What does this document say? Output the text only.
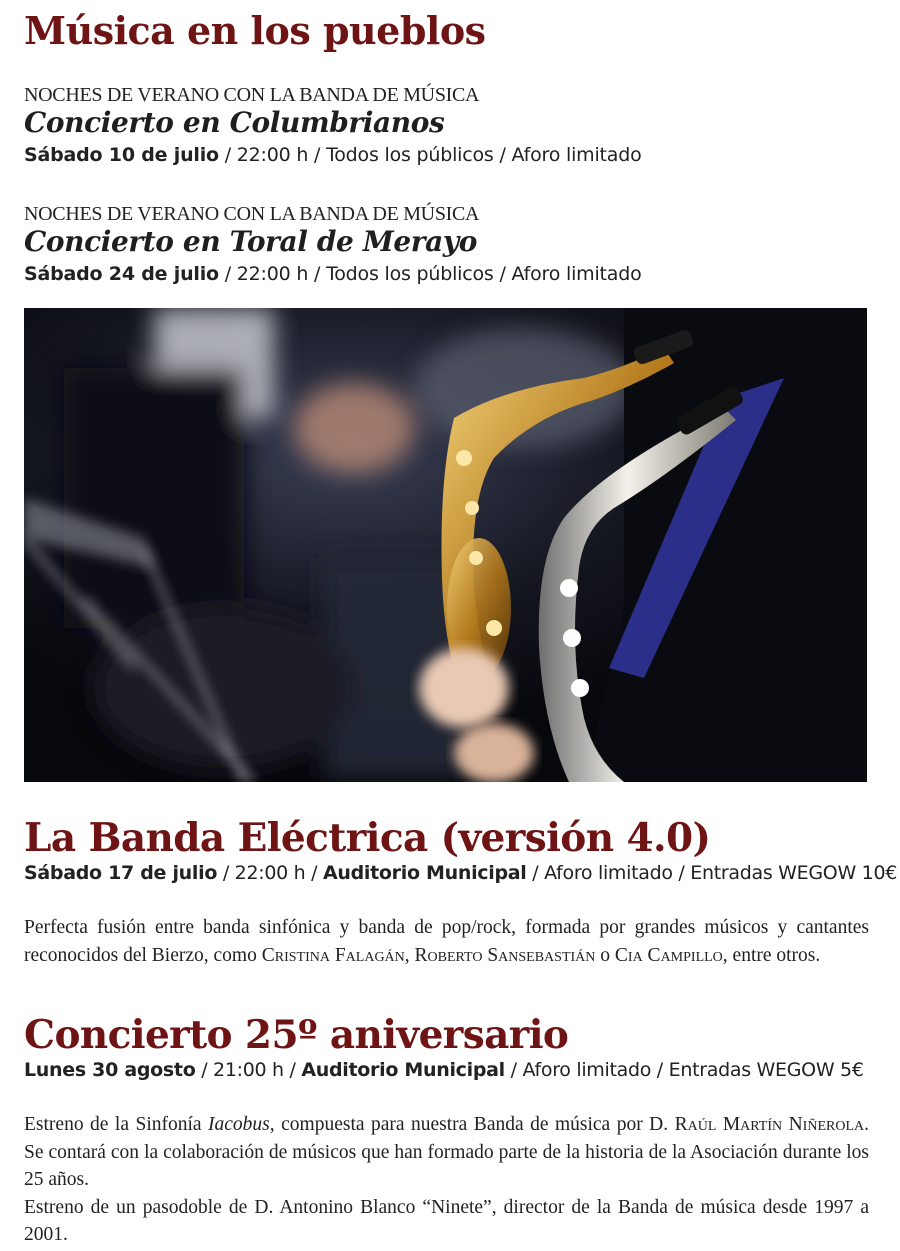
Música en los pueblos
NOCHES DE VERANO CON LA BANDA DE MÚSICA
Concierto en Columbrianos
Sábado 10 de julio / 22:00 h / Todos los públicos / Aforo limitado
NOCHES DE VERANO CON LA BANDA DE MÚSICA
Concierto en Toral de Merayo
Sábado 24 de julio / 22:00 h / Todos los públicos / Aforo limitado
La Banda Eléctrica (versión 4.0)
Sábado 17 de julio / 22:00 h / Auditorio Municipal / Aforo limitado / Entradas WEGOW 10€

Perfecta fusión entre banda sinfónica y banda de pop/rock, formada por grandes músicos y cantantes reconocidos del Bierzo, como Cristina Falagán, Roberto Sansebastián o Cia Campillo, entre otros.

Concierto 25º aniversario
Lunes 30 agosto / 21:00 h / Auditorio Municipal / Aforo limitado / Entradas WEGOW 5€

Estreno de la Sinfonía Iacobus, compuesta para nuestra Banda de música por D. Raúl Martín Niñerola. Se contará con la colaboración de músicos que han formado parte de la historia de la Asociación durante los 25 años.
Estreno de un pasodoble de D. Antonino Blanco “Ninete”, director de la Banda de música desde 1997 a 2001.
